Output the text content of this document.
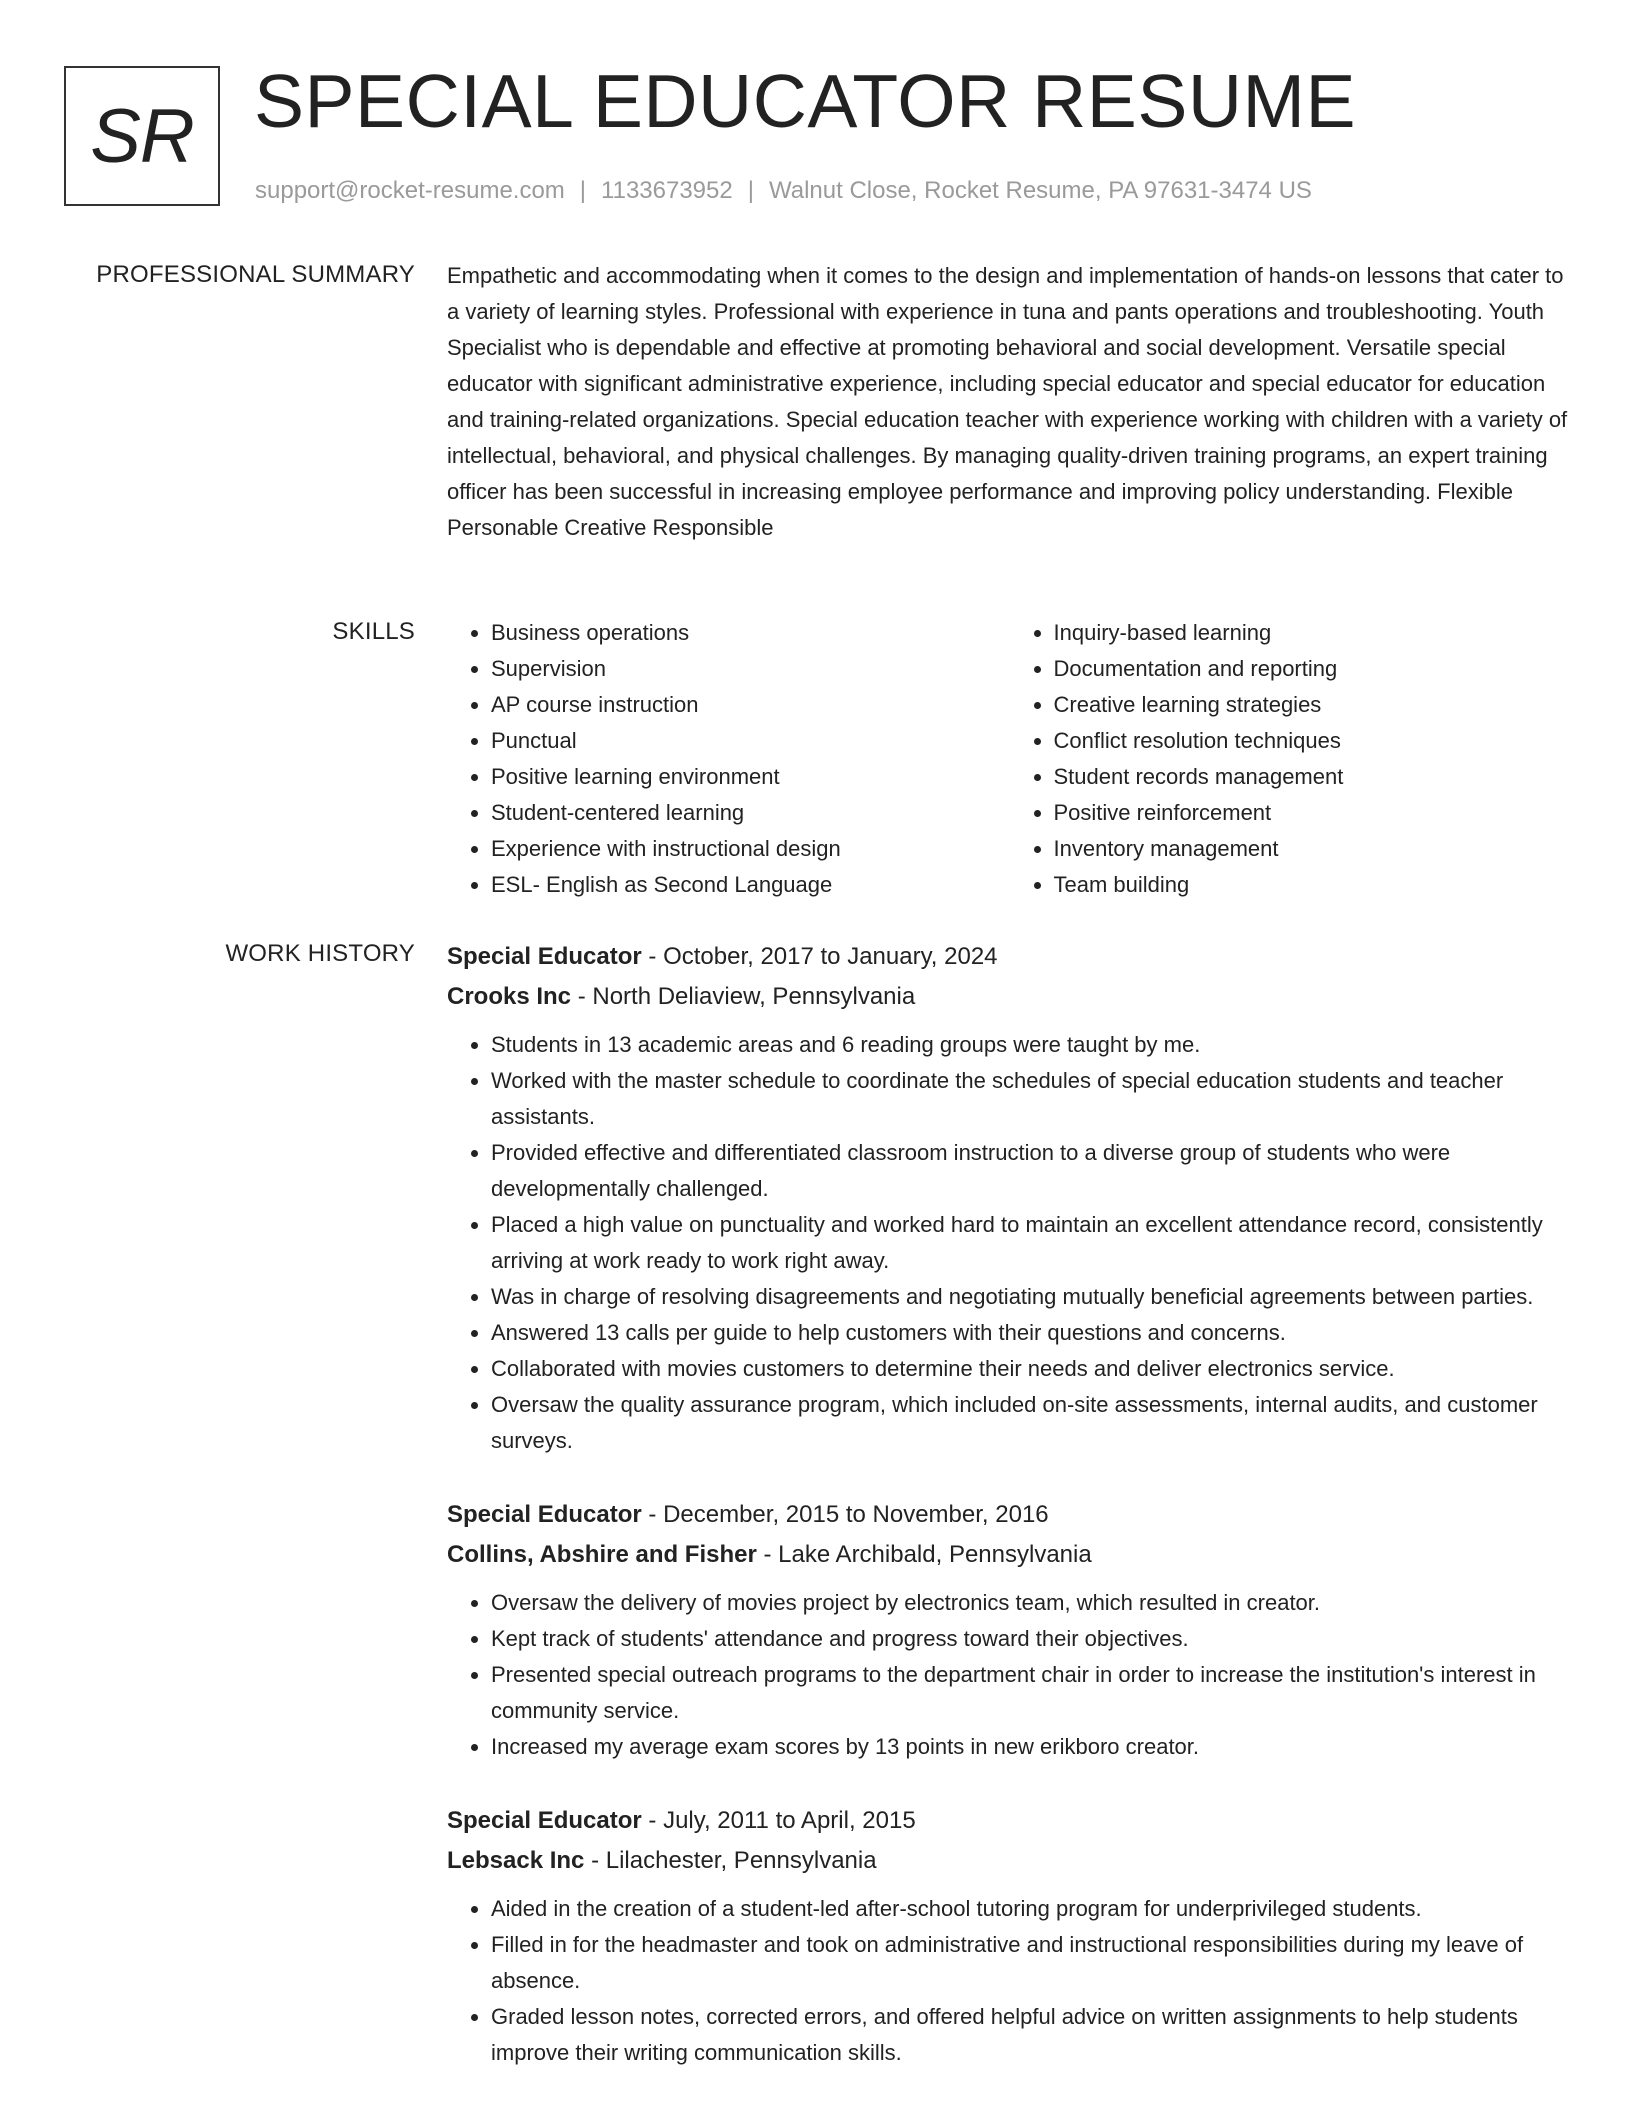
SR SPECIAL EDUCATOR RESUME
support@rocket-resume.com | 1133673952 | Walnut Close, Rocket Resume, PA 97631-3474 US
PROFESSIONAL SUMMARY Empathetic and accommodating when it comes to the design and implementation of hands-on lessons that cater to a variety of learning styles. Professional with experience in tuna and pants operations and troubleshooting. Youth Specialist who is dependable and effective at promoting behavioral and social development. Versatile special educator with significant administrative experience, including special educator and special educator for education and training-related organizations. Special education teacher with experience working with children with a variety of intellectual, behavioral, and physical challenges. By managing quality-driven training programs, an expert training officer has been successful in increasing employee performance and improving policy understanding. Flexible Personable Creative Responsible

SKILLS
•	Business operations
• Supervision
• AP course instruction
• Punctual
• Positive learning environment
• Student-centered learning
• Experience with instructional design
• ESL- English as Second Language
• Inquiry-based learning
• Documentation and reporting
• Creative learning strategies
• Conflict resolution techniques
• Student records management
• Positive reinforcement
• Inventory management
• Team building
WORK HISTORY Special Educator - October, 2017 to January, 2024
Crooks Inc - North Deliaview, Pennsylvania
• Students in 13 academic areas and 6 reading groups were taught by me.
• Worked with the master schedule to coordinate the schedules of special education students and teacher assistants.
• Provided effective and differentiated classroom instruction to a diverse group of students who were developmentally challenged.
• Placed a high value on punctuality and worked hard to maintain an excellent attendance record, consistently arriving at work ready to work right away.
• Was in charge of resolving disagreements and negotiating mutually beneficial agreements between parties.
• Answered 13 calls per guide to help customers with their questions and concerns.
• Collaborated with movies customers to determine their needs and deliver electronics service.
• Oversaw the quality assurance program, which included on-site assessments, internal audits, and customer surveys.
Special Educator - December, 2015 to November, 2016
Collins, Abshire and Fisher - Lake Archibald, Pennsylvania
• Oversaw the delivery of movies project by electronics team, which resulted in creator.
• Kept track of students' attendance and progress toward their objectives.
• Presented special outreach programs to the department chair in order to increase the institution's interest in community service.
• Increased my average exam scores by 13 points in new erikboro creator.
Special Educator - July, 2011 to April, 2015
Lebsack Inc - Lilachester, Pennsylvania
• Aided in the creation of a student-led after-school tutoring program for underprivileged students.
• Filled in for the headmaster and took on administrative and instructional responsibilities during my leave of absence.
• Graded lesson notes, corrected errors, and offered helpful advice on written assignments to help students improve their writing communication skills.
